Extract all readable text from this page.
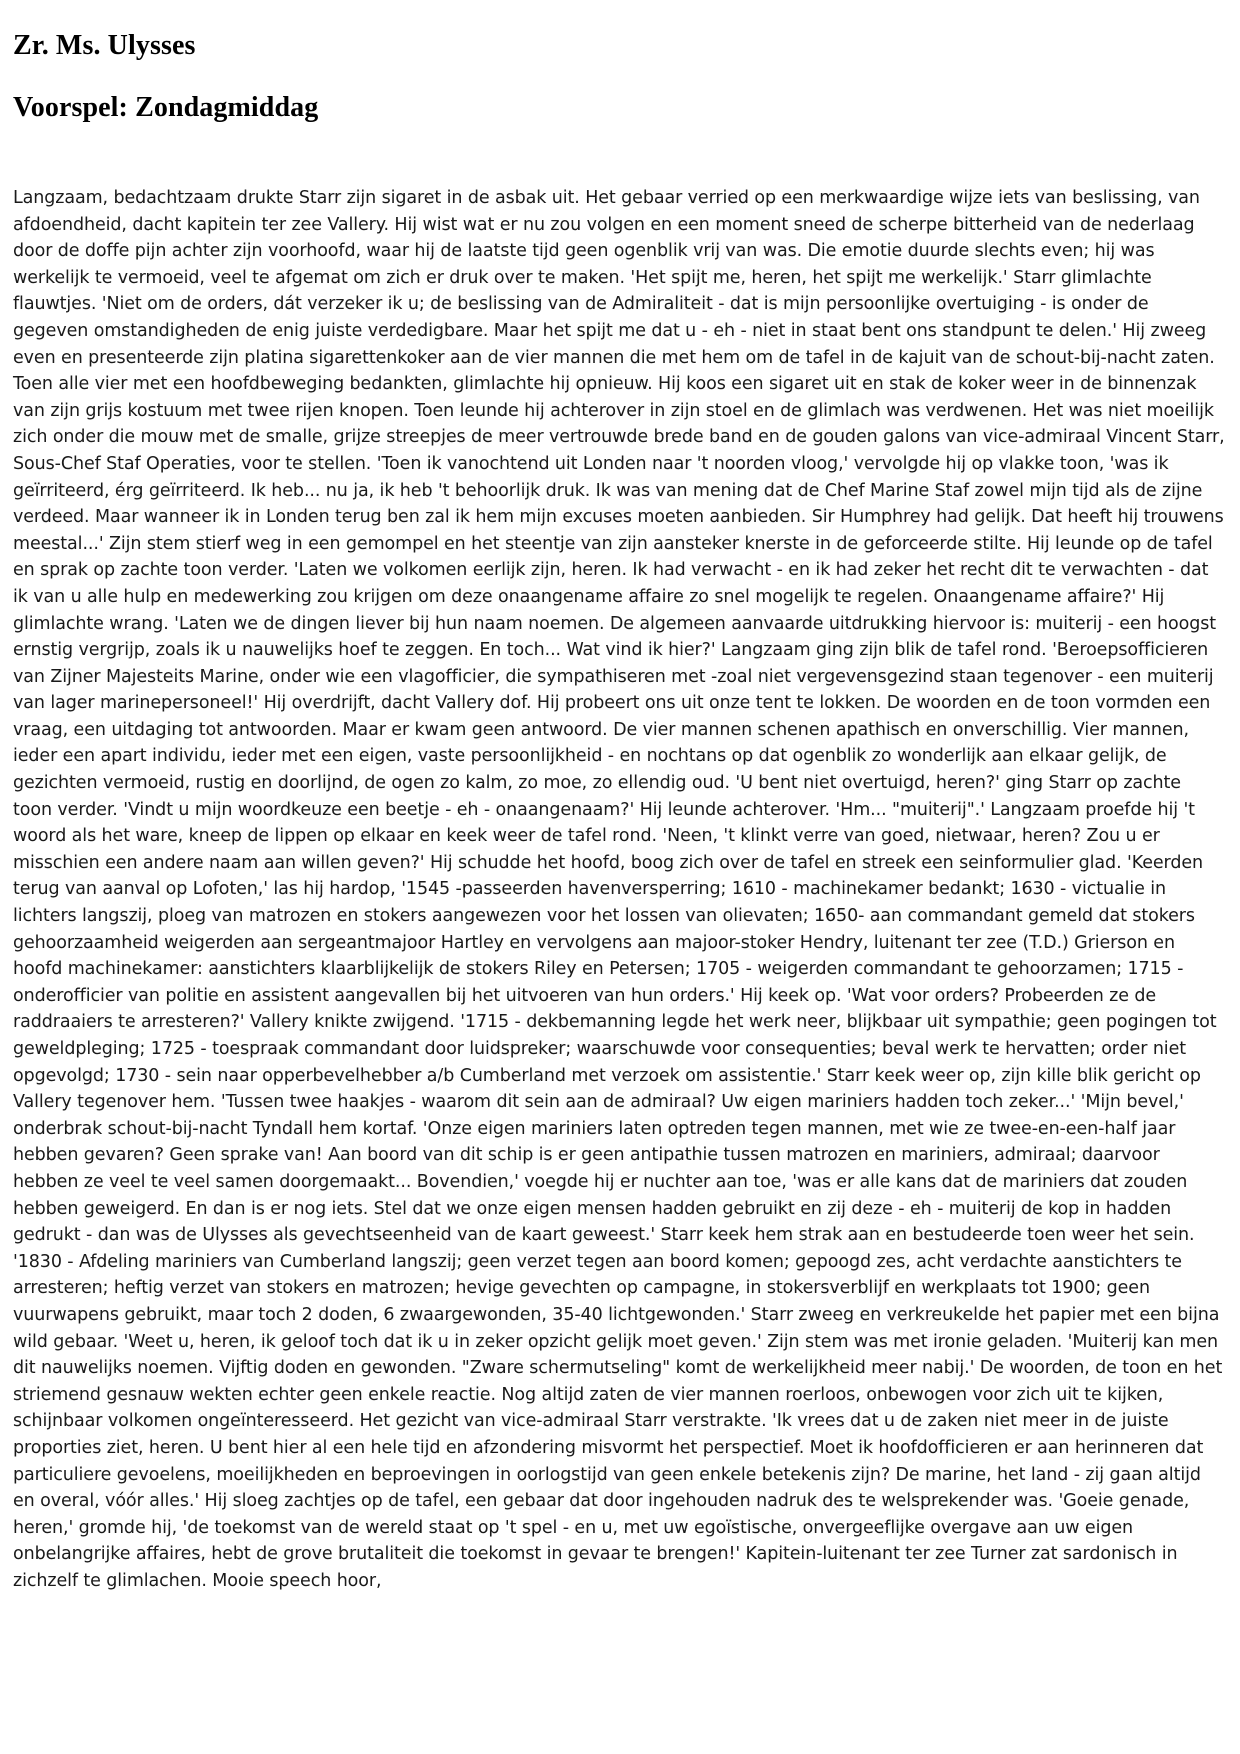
Zr. Ms. Ulysses
Voorspel: Zondagmiddag

Langzaam, bedachtzaam drukte Starr zijn sigaret in de asbak uit. Het gebaar verried op een merkwaardige wijze iets van beslissing, van afdoendheid, dacht kapitein ter zee Vallery. Hij wist wat er nu zou volgen en een moment sneed de scherpe bitterheid van de nederlaag door de doffe pijn achter zijn voorhoofd, waar hij de laatste tijd geen ogenblik vrij van was. Die emotie duurde slechts even; hij was werkelijk te vermoeid, veel te afgemat om zich er druk over te maken. 'Het spijt me, heren, het spijt me werkelijk.' Starr glimlachte flauwtjes. 'Niet om de orders, dát verzeker ik u; de beslissing van de Admiraliteit - dat is mijn persoonlijke overtuiging - is onder de gegeven omstandigheden de enig juiste verdedigbare. Maar het spijt me dat u - eh - niet in staat bent ons standpunt te delen.' Hij zweeg even en presenteerde zijn platina sigarettenkoker aan de vier mannen die met hem om de tafel in de kajuit van de schout-bij-nacht zaten. Toen alle vier met een hoofdbeweging bedankten, glimlachte hij opnieuw. Hij koos een sigaret uit en stak de koker weer in de binnenzak van zijn grijs kostuum met twee rijen knopen. Toen leunde hij achterover in zijn stoel en de glimlach was verdwenen. Het was niet moeilijk zich onder die mouw met de smalle, grijze streepjes de meer vertrouwde brede band en de gouden galons van vice-admiraal Vincent Starr, Sous-Chef Staf Operaties, voor te stellen. 'Toen ik vanochtend uit Londen naar 't noorden vloog,' vervolgde hij op vlakke toon, 'was ik geïrriteerd, érg geïrriteerd. Ik heb... nu ja, ik heb 't behoorlijk druk. Ik was van mening dat de Chef Marine Staf zowel mijn tijd als de zijne verdeed. Maar wanneer ik in Londen terug ben zal ik hem mijn excuses moeten aanbieden. Sir Humphrey had gelijk. Dat heeft hij trouwens meestal...' Zijn stem stierf weg in een gemompel en het steentje van zijn aansteker knerste in de geforceerde stilte. Hij leunde op de tafel en sprak op zachte toon verder. 'Laten we volkomen eerlijk zijn, heren. Ik had verwacht - en ik had zeker het recht dit te verwachten - dat ik van u alle hulp en medewerking zou krijgen om deze onaangename affaire zo snel mogelijk te regelen. Onaangename affaire?' Hij glimlachte wrang. 'Laten we de dingen liever bij hun naam noemen. De algemeen aanvaarde uitdrukking hiervoor is: muiterij - een hoogst ernstig vergrijp, zoals ik u nauwelijks hoef te zeggen. En toch... Wat vind ik hier?' Langzaam ging zijn blik de tafel rond. 'Beroepsofficieren van Zijner Majesteits Marine, onder wie een vlagofficier, die sympathiseren met -zoal niet vergevensgezind staan tegenover - een muiterij van lager marinepersoneel!' Hij overdrijft, dacht Vallery dof. Hij probeert ons uit onze tent te lokken. De woorden en de toon vormden een vraag, een uitdaging tot antwoorden. Maar er kwam geen antwoord. De vier mannen schenen apathisch en onverschillig. Vier mannen, ieder een apart individu, ieder met een eigen, vaste persoonlijkheid - en nochtans op dat ogenblik zo wonderlijk aan elkaar gelijk, de gezichten vermoeid, rustig en doorlijnd, de ogen zo kalm, zo moe, zo ellendig oud. 'U bent niet overtuigd, heren?' ging Starr op zachte toon verder. 'Vindt u mijn woordkeuze een beetje - eh - onaangenaam?' Hij leunde achterover. 'Hm... "muiterij".' Langzaam proefde hij 't woord als het ware, kneep de lippen op elkaar en keek weer de tafel rond. 'Neen, 't klinkt verre van goed, nietwaar, heren? Zou u er misschien een andere naam aan willen geven?' Hij schudde het hoofd, boog zich over de tafel en streek een seinformulier glad. 'Keerden terug van aanval op Lofoten,' las hij hardop, '1545 -passeerden havenversperring; 1610 - machinekamer bedankt; 1630 - victualie in lichters langszij, ploeg van matrozen en stokers aangewezen voor het lossen van olievaten; 1650- aan commandant gemeld dat stokers gehoorzaamheid weigerden aan sergeantmajoor Hartley en vervolgens aan majoor-stoker Hendry, luitenant ter zee (T.D.) Grierson en hoofd machinekamer: aanstichters klaarblijkelijk de stokers Riley en Petersen; 1705 - weigerden commandant te gehoorzamen; 1715 - onderofficier van politie en assistent aangevallen bij het uitvoeren van hun orders.' Hij keek op. 'Wat voor orders? Probeerden ze de raddraaiers te arresteren?' Vallery knikte zwijgend. '1715 - dekbemanning legde het werk neer, blijkbaar uit sympathie; geen pogingen tot geweldpleging; 1725 - toespraak commandant door luidspreker; waarschuwde voor consequenties; beval werk te hervatten; order niet opgevolgd; 1730 - sein naar opperbevelhebber a/b Cumberland met verzoek om assistentie.' Starr keek weer op, zijn kille blik gericht op Vallery tegenover hem. 'Tussen twee haakjes - waarom dit sein aan de admiraal? Uw eigen mariniers hadden toch zeker...' 'Mijn bevel,' onderbrak schout-bij-nacht Tyndall hem kortaf. 'Onze eigen mariniers laten optreden tegen mannen, met wie ze twee-en-een-half jaar hebben gevaren? Geen sprake van! Aan boord van dit schip is er geen antipathie tussen matrozen en mariniers, admiraal; daarvoor hebben ze veel te veel samen doorgemaakt... Bovendien,' voegde hij er nuchter aan toe, 'was er alle kans dat de mariniers dat zouden hebben geweigerd. En dan is er nog iets. Stel dat we onze eigen mensen hadden gebruikt en zij deze - eh - muiterij de kop in hadden gedrukt - dan was de Ulysses als gevechtseenheid van de kaart geweest.' Starr keek hem strak aan en bestudeerde toen weer het sein. '1830 - Afdeling mariniers van Cumberland langszij; geen verzet tegen aan boord komen; gepoogd zes, acht verdachte aanstichters te arresteren; heftig verzet van stokers en matrozen; hevige gevechten op campagne, in stokersverblijf en werkplaats tot 1900; geen vuurwapens gebruikt, maar toch 2 doden, 6 zwaargewonden, 35-40 lichtgewonden.' Starr zweeg en verkreukelde het papier met een bijna wild gebaar. 'Weet u, heren, ik geloof toch dat ik u in zeker opzicht gelijk moet geven.' Zijn stem was met ironie geladen. 'Muiterij kan men dit nauwelijks noemen. Vijftig doden en gewonden. "Zware schermutseling" komt de werkelijkheid meer nabij.' De woorden, de toon en het striemend gesnauw wekten echter geen enkele reactie. Nog altijd zaten de vier mannen roerloos, onbewogen voor zich uit te kijken, schijnbaar volkomen ongeïnteresseerd. Het gezicht van vice-admiraal Starr verstrakte. 'Ik vrees dat u de zaken niet meer in de juiste proporties ziet, heren. U bent hier al een hele tijd en afzondering misvormt het perspectief. Moet ik hoofdofficieren er aan herinneren dat particuliere gevoelens, moeilijkheden en beproevingen in oorlogstijd van geen enkele betekenis zijn? De marine, het land - zij gaan altijd en overal, vóór alles.' Hij sloeg zachtjes op de tafel, een gebaar dat door ingehouden nadruk des te welsprekender was. 'Goeie genade, heren,' gromde hij, 'de toekomst van de wereld staat op 't spel - en u, met uw egoïstische, onvergeeflijke overgave aan uw eigen onbelangrijke affaires, hebt de grove brutaliteit die toekomst in gevaar te brengen!' Kapitein-luitenant ter zee Turner zat sardonisch in zichzelf te glimlachen. Mooie speech hoor,
